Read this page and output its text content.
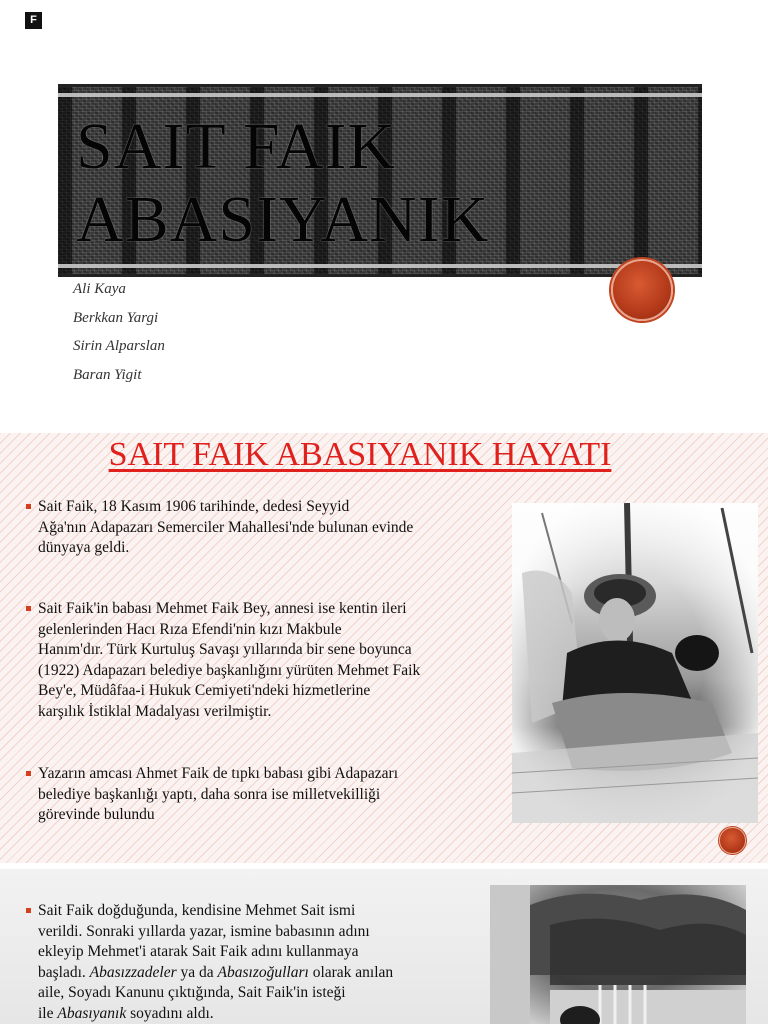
F
SAIT FAIK
ABASIYANIK
Ali Kaya
Berkkan Yargi
Sirin Alparslan
Baran Yigit
SAIT FAIK ABASIYANIK HAYATI
Sait Faik, 18 Kasım 1906 tarihinde, dedesi Seyyid
Ağa'nın Adapazarı Semerciler Mahallesi'nde bulunan evinde
dünyaya geldi.
Sait Faik'in babası Mehmet Faik Bey, annesi ise kentin ileri
gelenlerinden Hacı Rıza Efendi'nin kızı Makbule
Hanım'dır. Türk Kurtuluş Savaşı yıllarında bir sene boyunca
(1922) Adapazarı belediye başkanlığını yürüten Mehmet Faik
Bey'e, Müdâfaa-i Hukuk Cemiyeti'ndeki hizmetlerine
karşılık İstiklal Madalyası verilmiştir.
Yazarın amcası Ahmet Faik de tıpkı babası gibi Adapazarı
belediye başkanlığı yaptı, daha sonra ise milletvekilliği
görevinde bulundu
Sait Faik doğduğunda, kendisine Mehmet Sait ismi
verildi. Sonraki yıllarda yazar, ismine babasının adını
ekleyip Mehmet'i atarak Sait Faik adını kullanmaya
başladı. Abasızzadeler ya da Abasızoğulları olarak anılan
aile, Soyadı Kanunu çıktığında, Sait Faik'in isteği
ile Abasıyanık soyadını aldı.
